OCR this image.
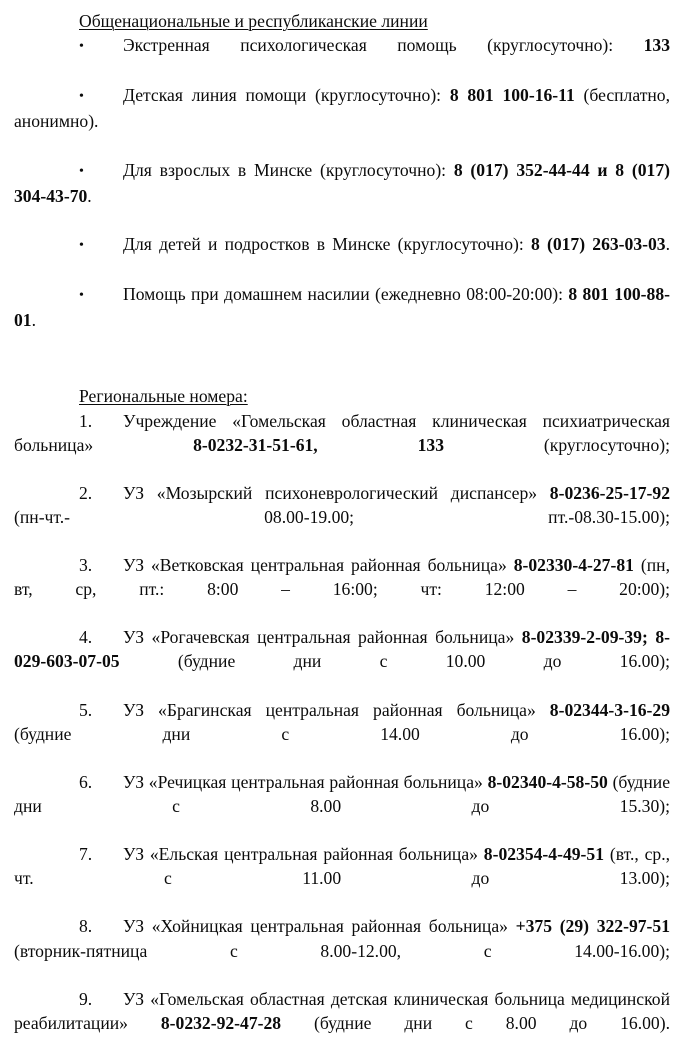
Общенациональные и республиканские линии

• Экстренная психологическая помощь (круглосуточно): 133

• Детская линия помощи (круглосуточно): 8 801 100-16-11 (бесплатно, анонимно).

• Для взрослых в Минске (круглосуточно): 8 (017) 352-44-44 и 8 (017) 304-43-70.

• Для детей и подростков в Минске (круглосуточно): 8 (017) 263-03-03.

• Помощь при домашнем насилии (ежедневно 08:00-20:00): 8 801 100-88-01.

Региональные номера:

1. Учреждение «Гомельская областная клиническая психиатрическая больница» 8-0232-31-51-61, 133 (круглосуточно);

2. УЗ «Мозырский психоневрологический диспансер» 8-0236-25-17-92 (пн-чт.- 08.00-19.00; пт.-08.30-15.00);

3. УЗ «Ветковская центральная районная больница» 8-02330-4-27-81 (пн, вт, ср, пт.: 8:00 – 16:00; чт: 12:00 – 20:00);

4. УЗ «Рогачевская центральная районная больница» 8-02339-2-09-39; 8-029-603-07-05 (будние дни с 10.00 до 16.00);

5. УЗ «Брагинская центральная районная больница» 8-02344-3-16-29 (будние дни с 14.00 до 16.00);

6. УЗ «Речицкая центральная районная больница» 8-02340-4-58-50 (будние дни с 8.00 до 15.30);

7. УЗ «Ельская центральная районная больница» 8-02354-4-49-51 (вт., ср., чт. с 11.00 до 13.00);

8. УЗ «Хойницкая центральная районная больница» +375 (29) 322-97-51 (вторник-пятница с 8.00-12.00, с 14.00-16.00);

9. УЗ «Гомельская областная детская клиническая больница медицинской реабилитации» 8-0232-92-47-28 (будние дни с 8.00 до 16.00).
